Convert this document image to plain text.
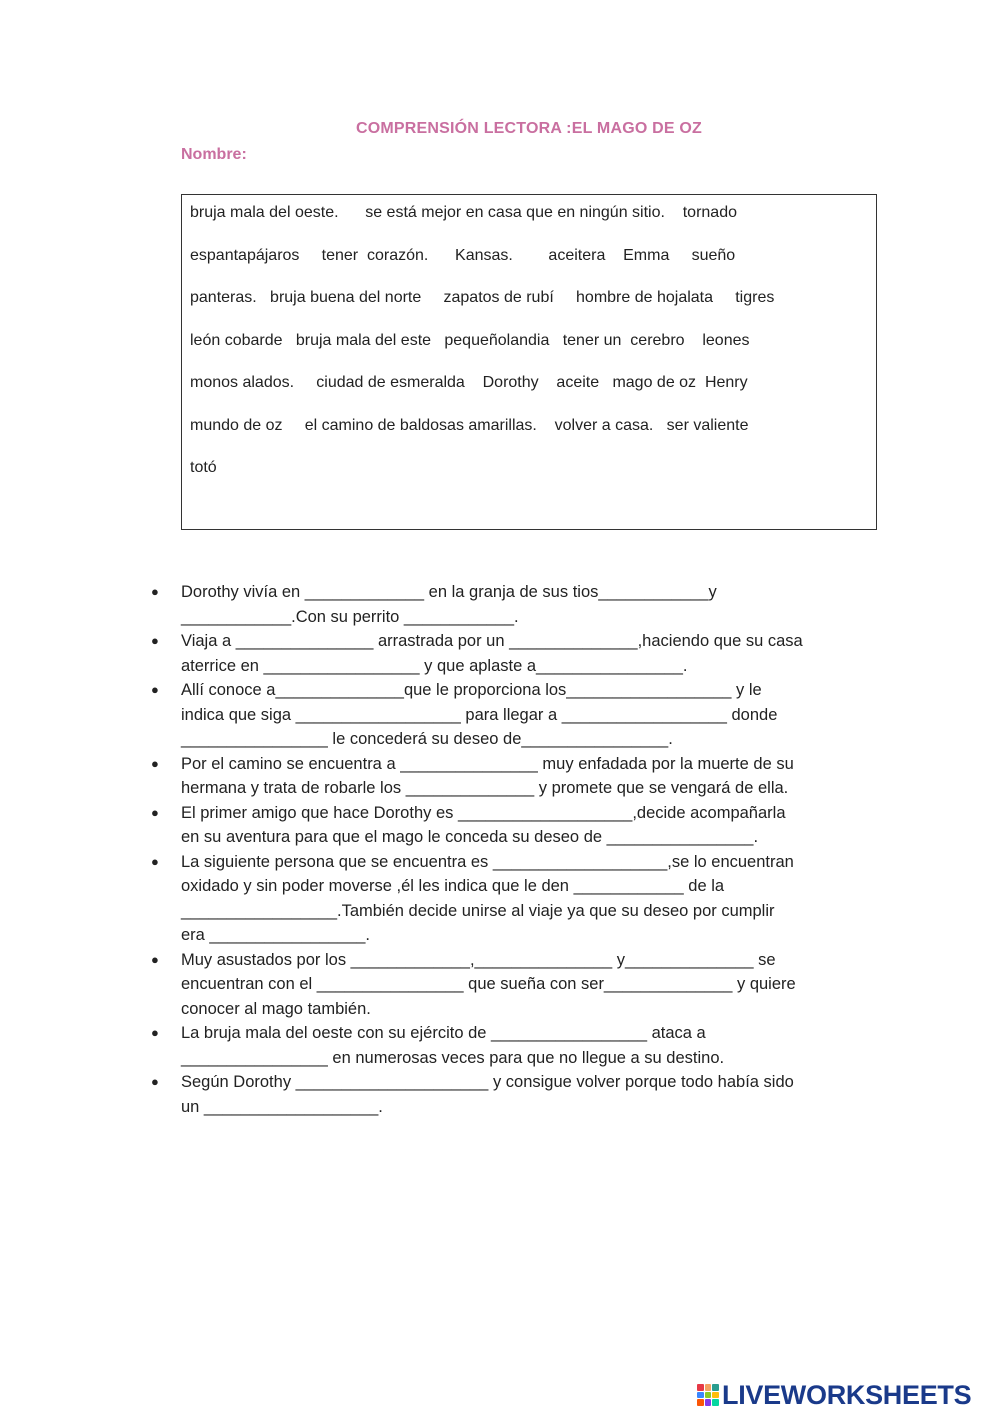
COMPRENSIÓN LECTORA :EL MAGO DE OZ
Nombre:
bruja mala del oeste.      se está mejor en casa que en ningún sitio.    tornado
espantapájaros     tener  corazón.      Kansas.        aceitera    Emma     sueño
panteras.   bruja buena del norte     zapatos de rubí     hombre de hojalata     tigres
león cobarde   bruja mala del este   pequeñolandia   tener un  cerebro    leones
monos alados.     ciudad de esmeralda    Dorothy    aceite   mago de oz  Henry
mundo de oz     el camino de baldosas amarillas.    volver a casa.   ser valiente
totó
● Dorothy vivía en _____________ en la granja de sus tios____________y
____________.Con su perrito ____________.
● Viaja a _______________ arrastrada por un ______________,haciendo que su casa
aterrice en _________________ y que aplaste a________________.
● Allí conoce a______________que le proporciona los__________________ y le
indica que siga __________________ para llegar a __________________ donde
________________ le concederá su deseo de________________.
● Por el camino se encuentra a _______________ muy enfadada por la muerte de su
hermana y trata de robarle los ______________ y promete que se vengará de ella.
● El primer amigo que hace Dorothy es ___________________,decide acompañarla
en su aventura para que el mago le conceda su deseo de ________________.
● La siguiente persona que se encuentra es ___________________,se lo encuentran
oxidado y sin poder moverse ,él les indica que le den ____________ de la
_________________.También decide unirse al viaje ya que su deseo por cumplir
era _________________.
● Muy asustados por los _____________,_______________ y______________ se
encuentran con el ________________ que sueña con ser______________ y quiere
conocer al mago también.
● La bruja mala del oeste con su ejército de _________________ ataca a
________________ en numerosas veces para que no llegue a su destino.
● Según Dorothy _____________________ y consigue volver porque todo había sido
un ___________________.
LIVEWORKSHEETS
